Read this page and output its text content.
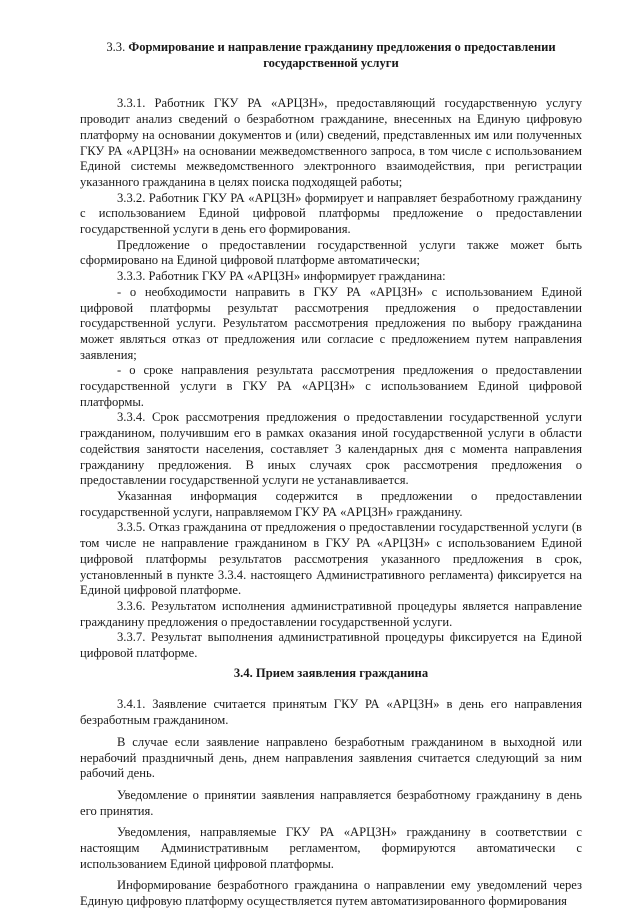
3.3. Формирование и направление гражданину предложения о предоставлении государственной услуги

3.3.1. Работник ГКУ РА «АРЦЗН», предоставляющий государственную услугу проводит анализ сведений о безработном гражданине, внесенных на Единую цифровую платформу на основании документов и (или) сведений, представленных им или полученных ГКУ РА «АРЦЗН» на основании межведомственного запроса, в том числе с использованием Единой системы межведомственного электронного взаимодействия, при регистрации указанного гражданина в целях поиска подходящей работы;

3.3.2. Работник ГКУ РА «АРЦЗН» формирует и направляет безработному гражданину с использованием Единой цифровой платформы предложение о предоставлении государственной услуги в день его формирования.

Предложение о предоставлении государственной услуги также может быть сформировано на Единой цифровой платформе автоматически;

3.3.3. Работник ГКУ РА «АРЦЗН» информирует гражданина:

- о необходимости направить в ГКУ РА «АРЦЗН» с использованием Единой цифровой платформы результат рассмотрения предложения о предоставлении государственной услуги. Результатом рассмотрения предложения по выбору гражданина может являться отказ от предложения или согласие с предложением путем направления заявления;

- о сроке направления результата рассмотрения предложения о предоставлении государственной услуги в ГКУ РА «АРЦЗН» с использованием Единой цифровой платформы.

3.3.4. Срок рассмотрения предложения о предоставлении государственной услуги гражданином, получившим его в рамках оказания иной государственной услуги в области содействия занятости населения, составляет 3 календарных дня с момента направления гражданину предложения. В иных случаях срок рассмотрения предложения о предоставлении государственной услуги не устанавливается.

Указанная информация содержится в предложении о предоставлении государственной услуги, направляемом ГКУ РА «АРЦЗН» гражданину.

3.3.5. Отказ гражданина от предложения о предоставлении государственной услуги (в том числе не направление гражданином в ГКУ РА «АРЦЗН» с использованием Единой цифровой платформы результатов рассмотрения указанного предложения в срок, установленный в пункте 3.3.4. настоящего Административного регламента) фиксируется на Единой цифровой платформе.

3.3.6. Результатом исполнения административной процедуры является направление гражданину предложения о предоставлении государственной услуги.

3.3.7. Результат выполнения административной процедуры фиксируется на Единой цифровой платформе.

3.4. Прием заявления гражданина

3.4.1. Заявление считается принятым ГКУ РА «АРЦЗН» в день его направления безработным гражданином.

В случае если заявление направлено безработным гражданином в выходной или нерабочий праздничный день, днем направления заявления считается следующий за ним рабочий день.

Уведомление о принятии заявления направляется безработному гражданину в день его принятия.

Уведомления, направляемые ГКУ РА «АРЦЗН» гражданину в соответствии с настоящим Административным регламентом, формируются автоматически с использованием Единой цифровой платформы.

Информирование безработного гражданина о направлении ему уведомлений через Единую цифровую платформу осуществляется путем автоматизированного формирования
